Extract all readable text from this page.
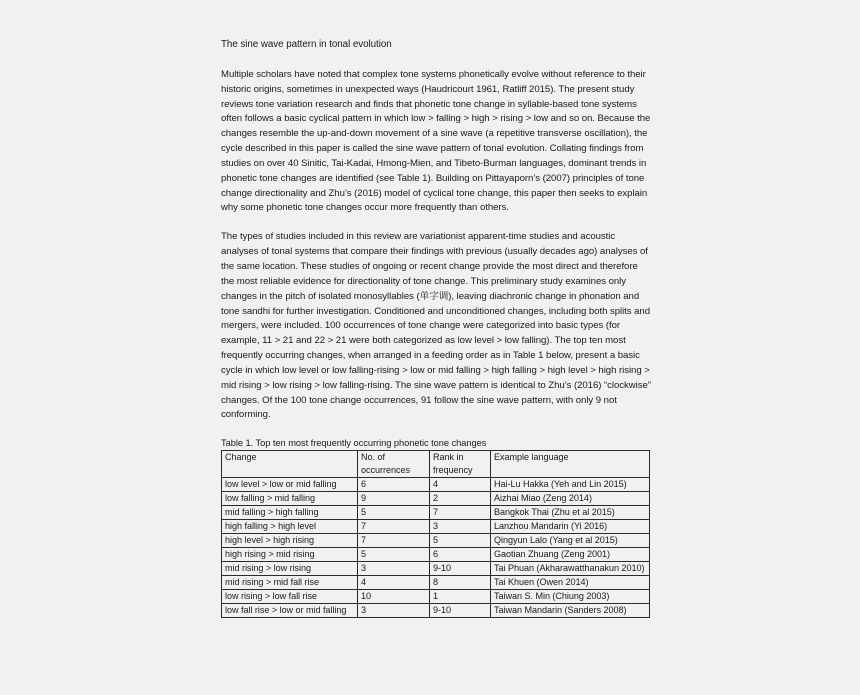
The sine wave pattern in tonal evolution

Multiple scholars have noted that complex tone systems phonetically evolve without reference to their historic origins, sometimes in unexpected ways (Haudricourt 1961, Ratliff 2015). The present study reviews tone variation research and finds that phonetic tone change in syllable-based tone systems often follows a basic cyclical pattern in which low > falling > high > rising > low and so on. Because the changes resemble the up-and-down movement of a sine wave (a repetitive transverse oscillation), the cycle described in this paper is called the sine wave pattern of tonal evolution. Collating findings from studies on over 40 Sinitic, Tai-Kadai, Hmong-Mien, and Tibeto-Burman languages, dominant trends in phonetic tone changes are identified (see Table 1). Building on Pittayaporn’s (2007) principles of tone change directionality and Zhu’s (2016) model of cyclical tone change, this paper then seeks to explain why some phonetic tone changes occur more frequently than others.

The types of studies included in this review are variationist apparent-time studies and acoustic analyses of tonal systems that compare their findings with previous (usually decades ago) analyses of the same location. These studies of ongoing or recent change provide the most direct and therefore the most reliable evidence for directionality of tone change. This preliminary study examines only changes in the pitch of isolated monosyllables (单字调), leaving diachronic change in phonation and tone sandhi for further investigation. Conditioned and unconditioned changes, including both splits and mergers, were included. 100 occurrences of tone change were categorized into basic types (for example, 11 > 21 and 22 > 21 were both categorized as low level > low falling). The top ten most frequently occurring changes, when arranged in a feeding order as in Table 1 below, present a basic cycle in which low level or low falling-rising > low or mid falling > high falling > high level > high rising > mid rising > low rising > low falling-rising. The sine wave pattern is identical to Zhu’s (2016) “clockwise” changes. Of the 100 tone change occurrences, 91 follow the sine wave pattern, with only 9 not conforming.

Table 1. Top ten most frequently occurring phonetic tone changes

Change	No. of occurrences	Rank in frequency	Example language
low level > low or mid falling	6	4	Hai-Lu Hakka (Yeh and Lin 2015)
low falling > mid falling	9	2	Aizhai Miao (Zeng 2014)
mid falling > high falling	5	7	Bangkok Thai (Zhu et al 2015)
high falling > high level	7	3	Lanzhou Mandarin (Yi 2016)
high level > high rising	7	5	Qingyun Lalo (Yang et al 2015)
high rising > mid rising	5	6	Gaotian Zhuang (Zeng 2001)
mid rising > low rising	3	9-10	Tai Phuan (Akharawatthanakun 2010)
mid rising > mid fall rise	4	8	Tai Khuen (Owen 2014)
low rising > low fall rise	10	1	Taiwan S. Min (Chiung 2003)
low fall rise > low or mid falling	3	9-10	Taiwan Mandarin (Sanders 2008)
